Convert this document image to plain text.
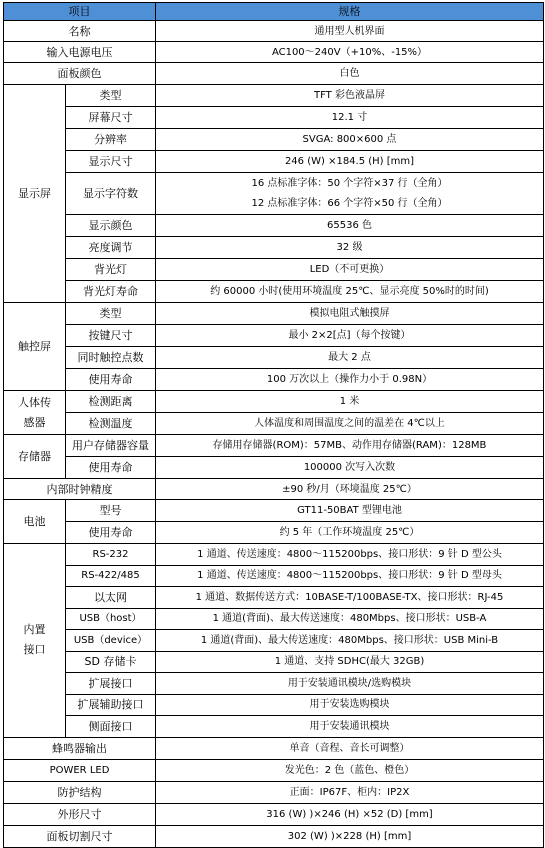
项目		规格
名称		通用型人机界面
输入电源电压		AC100～240V（+10%、-15%）
面板颜色		白色
显示屏	类型	TFT 彩色液晶屏
	屏幕尺寸	12.1 寸
	分辨率	SVGA: 800×600 点
	显示尺寸	246 (W) ×184.5 (H) [mm]
	显示字符数	16 点标准字体：50 个字符×37 行（全角）
12 点标准字体：66 个字符×50 行（全角）

	显示颜色	65536 色
	亮度调节	32 级
	背光灯	LED（不可更换）
	背光灯寿命	约 60000 小时(使用环境温度 25℃、显示亮度 50%时的时间)
触控屏	类型	模拟电阻式触摸屏
	按键尺寸	最小 2×2[点]（每个按键）
	同时触控点数	最大 2 点
	使用寿命	100 万次以上（操作力小于 0.98N）

人体传
感器	检测距离	1 米
	检测温度	人体温度和周围温度之间的温差在 4℃以上
存储器	用户存储器容量	存储用存储器(ROM)：57MB、动作用存储器(RAM)：128MB
	使用寿命	100000 次写入次数
内部时钟精度		±90 秒/月（环境温度 25℃）
电池	型号	GT11-50BAT 型锂电池
	使用寿命	约 5 年（工作环境温度 25℃）

内置
接口	RS-232	1 通道、传送速度：4800～115200bps、接口形状：9 针 D 型公头
	RS-422/485	1 通道、传送速度：4800～115200bps、接口形状：9 针 D 型母头
	以太网	1 通道、数据传送方式：10BASE-T/100BASE-TX、接口形状：RJ-45
	USB（host）	1 通道(背面)、最大传送速度：480Mbps、接口形状：USB-A
	USB（device）	1 通道(背面)、最大传送速度：480Mbps、接口形状：USB Mini-B
	SD 存储卡	1 通道、支持 SDHC(最大 32GB)
	扩展接口	用于安装通讯模块/选购模块
	扩展辅助接口	用于安装选购模块
	侧面接口	用于安装通讯模块
蜂鸣器输出		单音（音程、音长可调整）
POWER LED		发光色：2 色（蓝色、橙色）
防护结构		正面：IP67F、柜内：IP2X
外形尺寸		316 (W) )×246 (H) ×52 (D) [mm]
面板切割尺寸		302 (W) )×228 (H) [mm]
